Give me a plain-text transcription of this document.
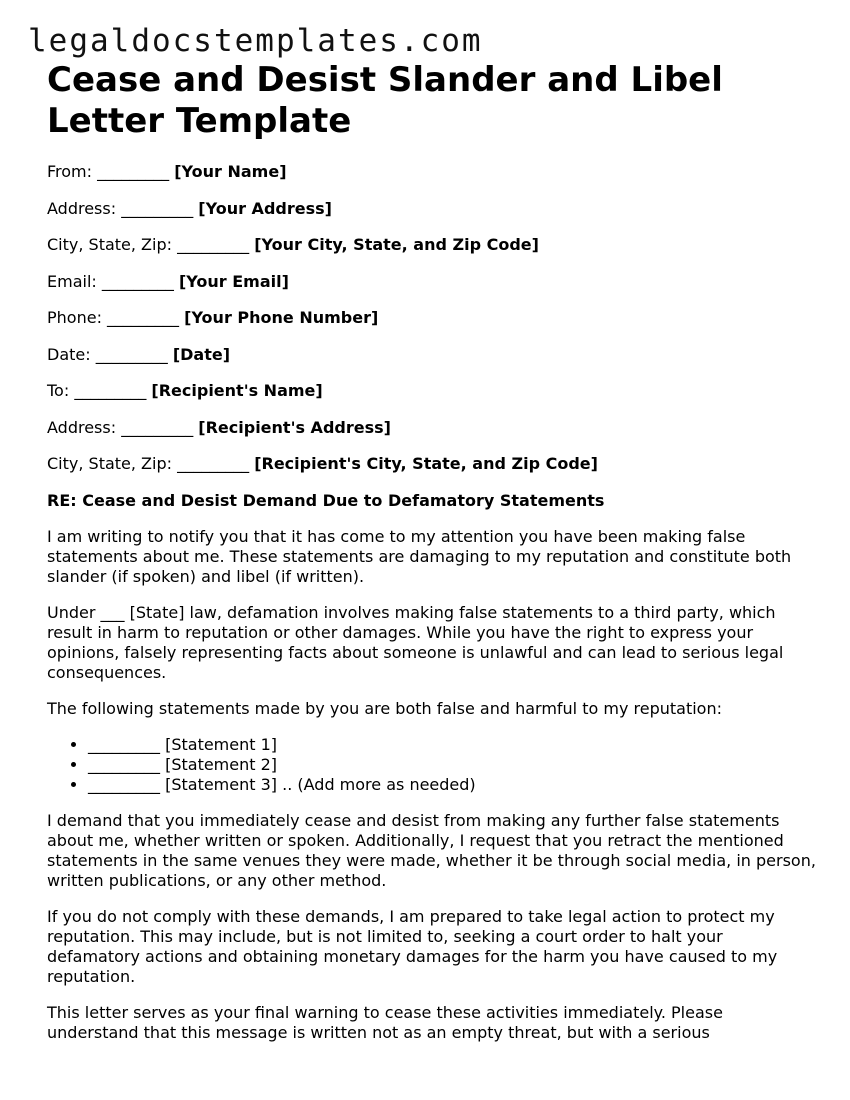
legaldocstemplates.com
Cease and Desist Slander and Libel Letter Template

From: _________ [Your Name]

Address: _________ [Your Address]

City, State, Zip: _________ [Your City, State, and Zip Code]

Email: _________ [Your Email]

Phone: _________ [Your Phone Number]

Date: _________ [Date]

To: _________ [Recipient's Name]

Address: _________ [Recipient's Address]

City, State, Zip: _________ [Recipient's City, State, and Zip Code]

RE: Cease and Desist Demand Due to Defamatory Statements

I am writing to notify you that it has come to my attention you have been making false statements about me. These statements are damaging to my reputation and constitute both slander (if spoken) and libel (if written).

Under ___ [State] law, defamation involves making false statements to a third party, which result in harm to reputation or other damages. While you have the right to express your opinions, falsely representing facts about someone is unlawful and can lead to serious legal consequences.

The following statements made by you are both false and harmful to my reputation:

• _________ [Statement 1]
• _________ [Statement 2]
• _________ [Statement 3] .. (Add more as needed)

I demand that you immediately cease and desist from making any further false statements about me, whether written or spoken. Additionally, I request that you retract the mentioned statements in the same venues they were made, whether it be through social media, in person, written publications, or any other method.

If you do not comply with these demands, I am prepared to take legal action to protect my reputation. This may include, but is not limited to, seeking a court order to halt your defamatory actions and obtaining monetary damages for the harm you have caused to my reputation.

This letter serves as your final warning to cease these activities immediately. Please understand that this message is written not as an empty threat, but with a serious
